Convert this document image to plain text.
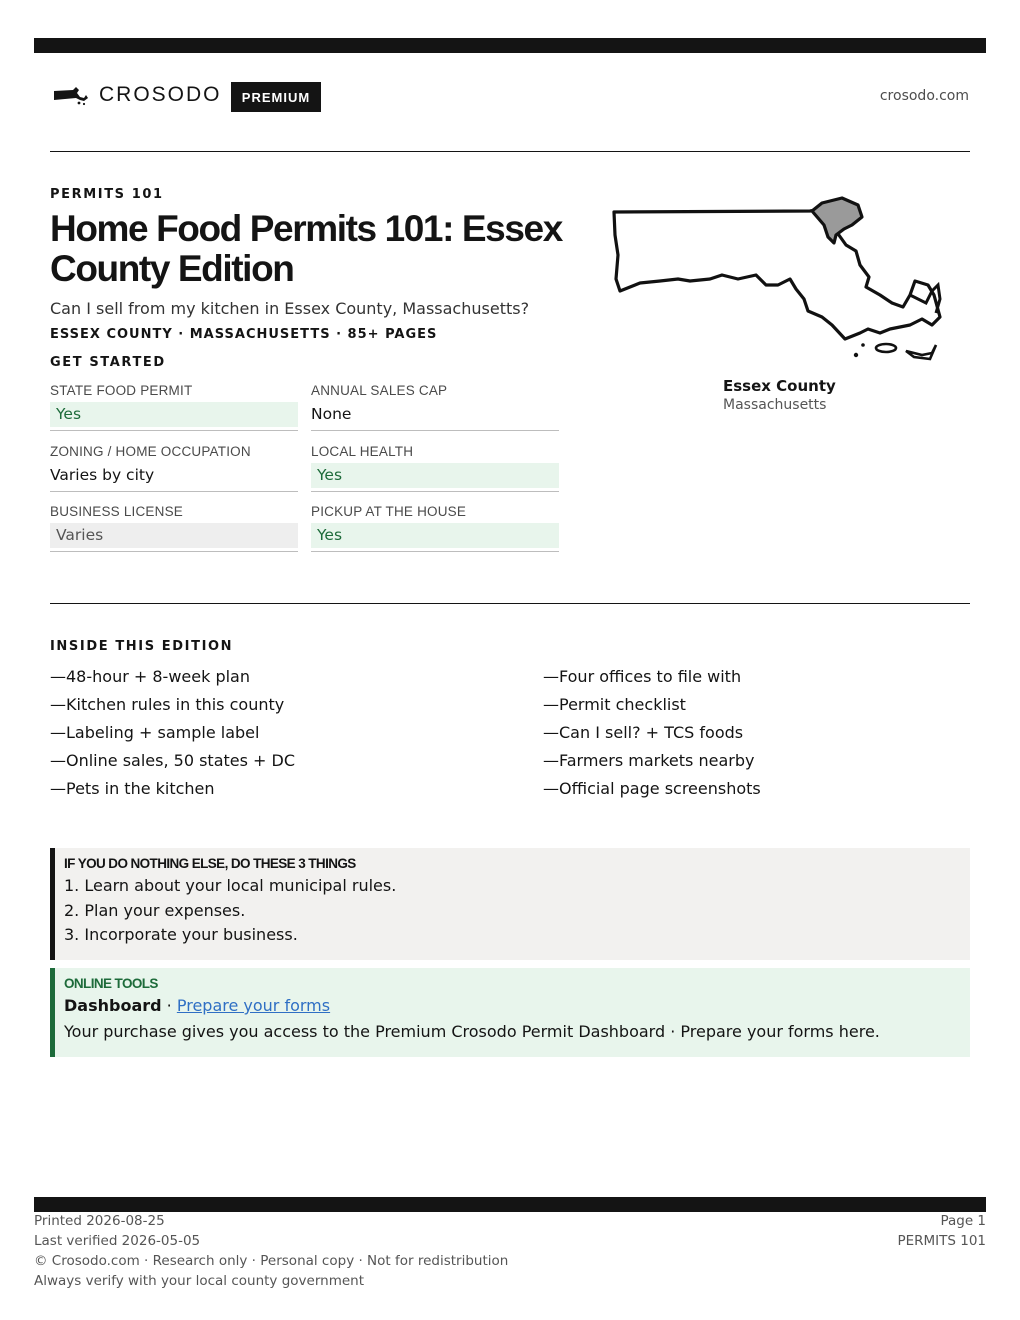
CROSODO	PREMIUM	crosodo.com
PERMITS 101
Home Food Permits 101: Essex County Edition
Can I sell from my kitchen in Essex County, Massachusetts?
ESSEX COUNTY · MASSACHUSETTS · 85+ PAGES
GET STARTED
STATE FOOD PERMIT
Yes
ANNUAL SALES CAP
None
ZONING / HOME OCCUPATION
Varies by city
LOCAL HEALTH
Yes
BUSINESS LICENSE
Varies
PICKUP AT THE HOUSE
Yes
Essex County
Massachusetts
INSIDE THIS EDITION
—48-hour + 8-week plan
—Kitchen rules in this county
—Labeling + sample label
—Online sales, 50 states + DC
—Pets in the kitchen
—Four offices to file with
—Permit checklist
—Can I sell? + TCS foods
—Farmers markets nearby
—Official page screenshots
IF YOU DO NOTHING ELSE, DO THESE 3 THINGS
1. Learn about your local municipal rules.
2. Plan your expenses.
3. Incorporate your business.
ONLINE TOOLS
Dashboard · Prepare your forms
Your purchase gives you access to the Premium Crosodo Permit Dashboard · Prepare your forms here.
Printed 2026-08-25
Last verified 2026-05-05
© Crosodo.com · Research only · Personal copy · Not for redistribution
Always verify with your local county government
Page 1
PERMITS 101
